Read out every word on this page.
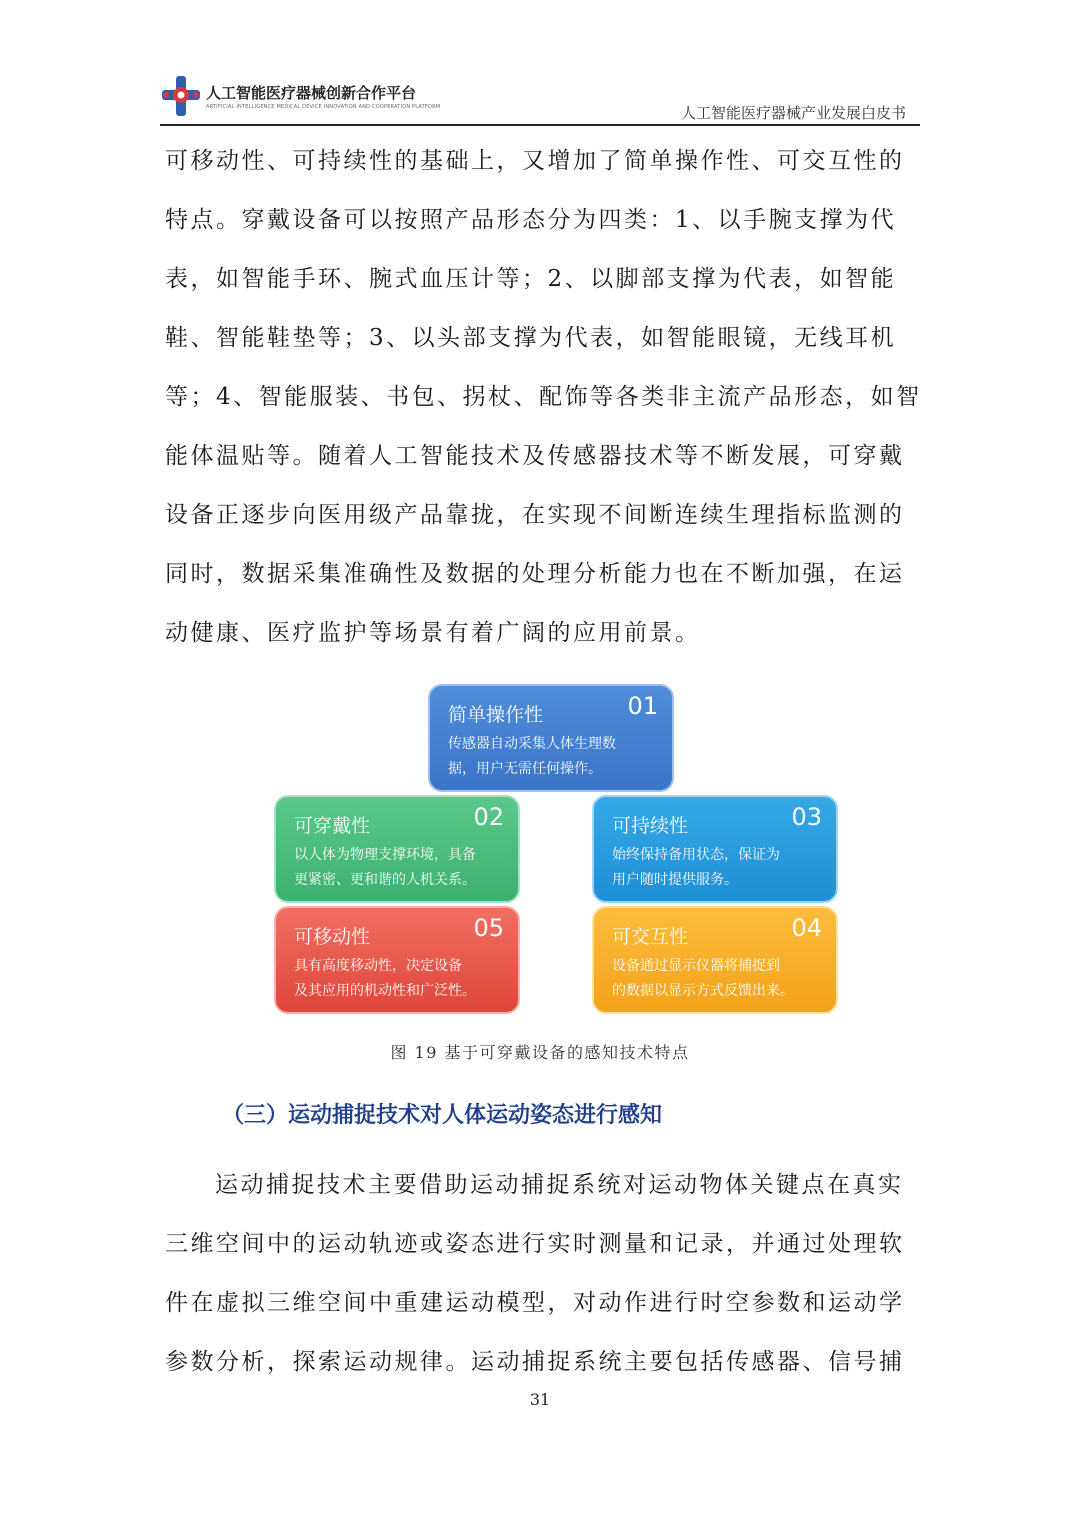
人工智能医疗器械创新合作平台
ARTIFICIAL INTELLIGENCE MEDICAL DEVICE INNOVATION AND COOPERATION PLATFORM	人工智能医疗器械产业发展白皮书
可移动性、可持续性的基础上，又增加了简单操作性、可交互性的
特点。穿戴设备可以按照产品形态分为四类：1、以手腕支撑为代
表，如智能手环、腕式血压计等；2、以脚部支撑为代表，如智能
鞋、智能鞋垫等；3、以头部支撑为代表，如智能眼镜，无线耳机
等；4、智能服装、书包、拐杖、配饰等各类非主流产品形态，如智
能体温贴等。随着人工智能技术及传感器技术等不断发展，可穿戴
设备正逐步向医用级产品靠拢，在实现不间断连续生理指标监测的
同时，数据采集准确性及数据的处理分析能力也在不断加强，在运
动健康、医疗监护等场景有着广阔的应用前景。
简单操作性	01
传感器自动采集人体生理数
据，用户无需任何操作。
可穿戴性	02
以人体为物理支撑环境，具备
更紧密、更和谐的人机关系。
可持续性	03
始终保持备用状态，保证为
用户随时提供服务。
可交互性	04
设备通过显示仪器将捕捉到
的数据以显示方式反馈出来。
可移动性	05
具有高度移动性，决定设备
及其应用的机动性和广泛性。
图 19 基于可穿戴设备的感知技术特点
（三）运动捕捉技术对人体运动姿态进行感知
运动捕捉技术主要借助运动捕捉系统对运动物体关键点在真实
三维空间中的运动轨迹或姿态进行实时测量和记录，并通过处理软
件在虚拟三维空间中重建运动模型，对动作进行时空参数和运动学
参数分析，探索运动规律。运动捕捉系统主要包括传感器、信号捕
31
